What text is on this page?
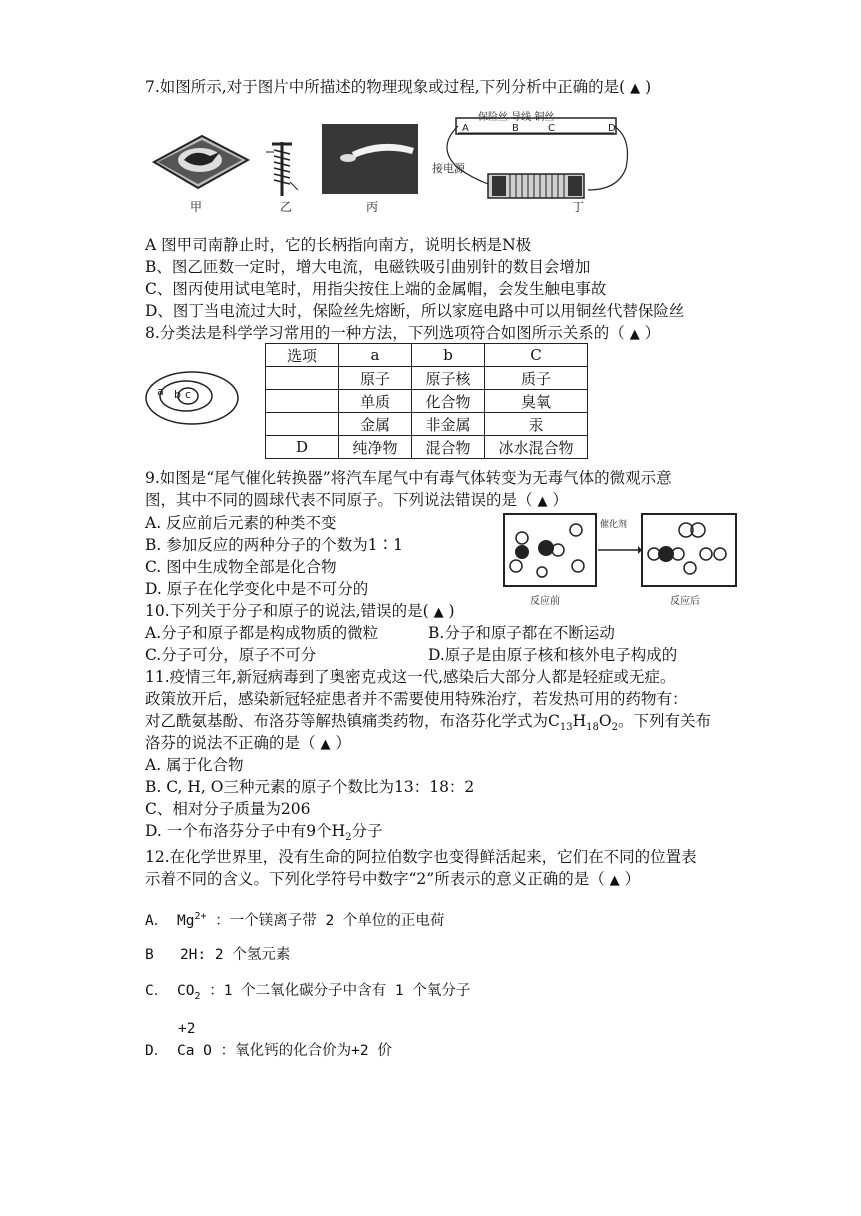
7.如图所示,对于图片中所描述的物理现象或过程,下列分析中正确的是( ▲ )
甲	乙	丙
保险丝 导线 铜丝
A	B	C	D
接电源
丁
A 图甲司南静止时，它的长柄指向南方，说明长柄是N极
B、图乙匝数一定时，增大电流，电磁铁吸引曲别针的数目会增加
C、图丙使用试电笔时，用指尖按住上端的金属帽，会发生触电事故
D、图丁当电流过大时，保险丝先熔断，所以家庭电路中可以用铜丝代替保险丝
8.分类法是科学学习常用的一种方法，下列选项符合如图所示关系的（ ▲ ）
a b c
选项	a	b	C
	原子	原子核	质子
	单质	化合物	臭氧
	金属	非金属	汞
D	纯净物	混合物	冰水混合物
9.如图是“尾气催化转换器”将汽车尾气中有毒气体转变为无毒气体的微观示意
图，其中不同的圆球代表不同原子。下列说法错误的是（ ▲ ）
A. 反应前后元素的种类不变
B. 参加反应的两种分子的个数为1∶1
C. 图中生成物全部是化合物
D. 原子在化学变化中是不可分的
催化剂
反应前	反应后
10.下列关于分子和原子的说法,错误的是( ▲ )
A.分子和原子都是构成物质的微粒	B.分子和原子都在不断运动
C.分子可分，原子不可分	D.原子是由原子核和核外电子构成的
11.疫情三年,新冠病毒到了奥密克戎这一代,感染后大部分人都是轻症或无症。
政策放开后，感染新冠轻症患者并不需要使用特殊治疗，若发热可用的药物有：
对乙酰氨基酚、布洛芬等解热镇痛类药物，布洛芬化学式为$C_{13}H_{18}O_2$。下列有关布
洛芬的说法不正确的是（ ▲ ）
A. 属于化合物
B. C, H, O三种元素的原子个数比为13：18：2
C、相对分子质量为206
D. 一个布洛芬分子中有9个$H_2$分子
12.在化学世界里，没有生命的阿拉伯数字也变得鲜活起来，它们在不同的位置表
示着不同的含义。下列化学符号中数字“2”所表示的意义正确的是（ ▲ ）
A． $Mg^{2+}$ ：一个镁离子带 2 个单位的正电荷
B 2H: 2 个氢元素
C． $CO_2$ ：1 个二氧化碳分子中含有 1 个氧分子
+2
D． Ca O ：氧化钙的化合价为+2 价
